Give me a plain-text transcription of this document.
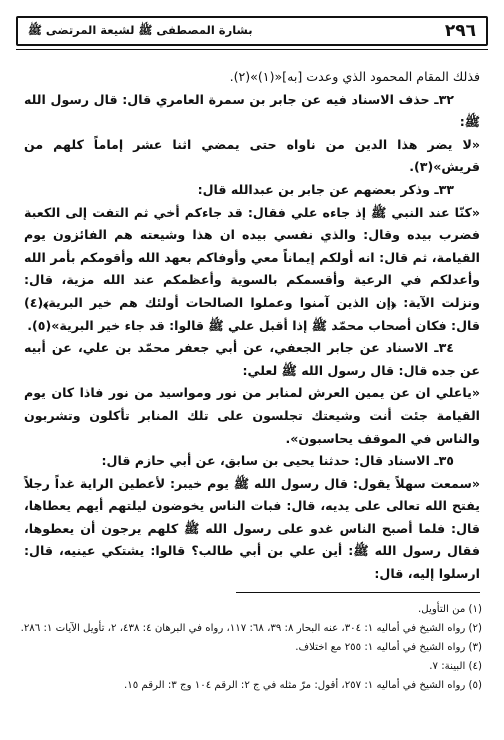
٢٩٦
بشارة المصطفى ﷺ لشيعة المرتضى ﷺ

فذلك المقام المحمود الذي وعدت [به]«(١)»(٢).

٣٢ـ حذف الاسناد فيه عن جابر بن سمرة العامري قال: قال رسول الله ﷺ:

«لا يضر هذا الدين من ناواه حتى يمضي اثنا عشر إماماً كلهم من قريش»(٣).

٣٣ـ وذكر بعضهم عن جابر بن عبدالله قال:

«كنّا عند النبي ﷺ إذ جاءه علي فقال: قد جاءكم أخي ثم التفت إلى الكعبة فضرب بيده وقال: والذي نفسي بيده ان هذا وشيعته هم الفائزون يوم القيامة، ثم قال: انه أولكم إيماناً معي وأوفاكم بعهد الله وأقومكم بأمر الله وأعدلكم في الرعية وأقسمكم بالسوية وأعظمكم عند الله مزية، قال: ونزلت الآية: ﴿إن الذين آمنوا وعملوا الصالحات أولئك هم خير البرية﴾(٤) قال: فكان أصحاب محمّد ﷺ إذا أقبل علي ﷺ قالوا: قد جاء خير البرية»(٥).

٣٤ـ الاسناد عن جابر الجعفي، عن أبي جعفر محمّد بن علي، عن أبيه عن جده قال: قال رسول الله ﷺ لعلي:

«ياعلي ان عن يمين العرش لمنابر من نور ومواسيد من نور فاذا كان يوم القيامة جئت أنت وشيعتك تجلسون على تلك المنابر تأكلون وتشربون والناس في الموقف يحاسبون».

٣٥ـ الاسناد قال: حدثنا يحيى بن سابق، عن أبي حازم قال:

«سمعت سهلاً يقول: قال رسول الله ﷺ يوم خيبر: لأعطين الراية غداً رجلاً يفتح الله تعالى على يديه، قال: فبات الناس يخوضون ليلتهم أيهم يعطاها، قال: فلما أصبح الناس غدو على رسول الله ﷺ كلهم يرجون أن يعطوها، فقال رسول الله ﷺ: أين علي بن أبي طالب؟ قالوا: يشتكي عينيه، قال: ارسلوا إليه، قال:

(١) من التأويل.

(٢) رواه الشيخ في أماليه ١: ٣٠٤، عنه البحار ٨: ٣٩، ٦٨: ١١٧، رواه في البرهان ٤: ٤٣٨، ٢، تأويل الآيات ١: ٢٨٦.

(٣) رواه الشيخ في أماليه ١: ٢٥٥ مع اختلاف.

(٤) البينة: ٧.

(٥) رواه الشيخ في أماليه ١: ٢٥٧، أقول: مرّ مثله في ج ٢: الرقم ١٠٤ وج ٣: الرقم ١٥.
